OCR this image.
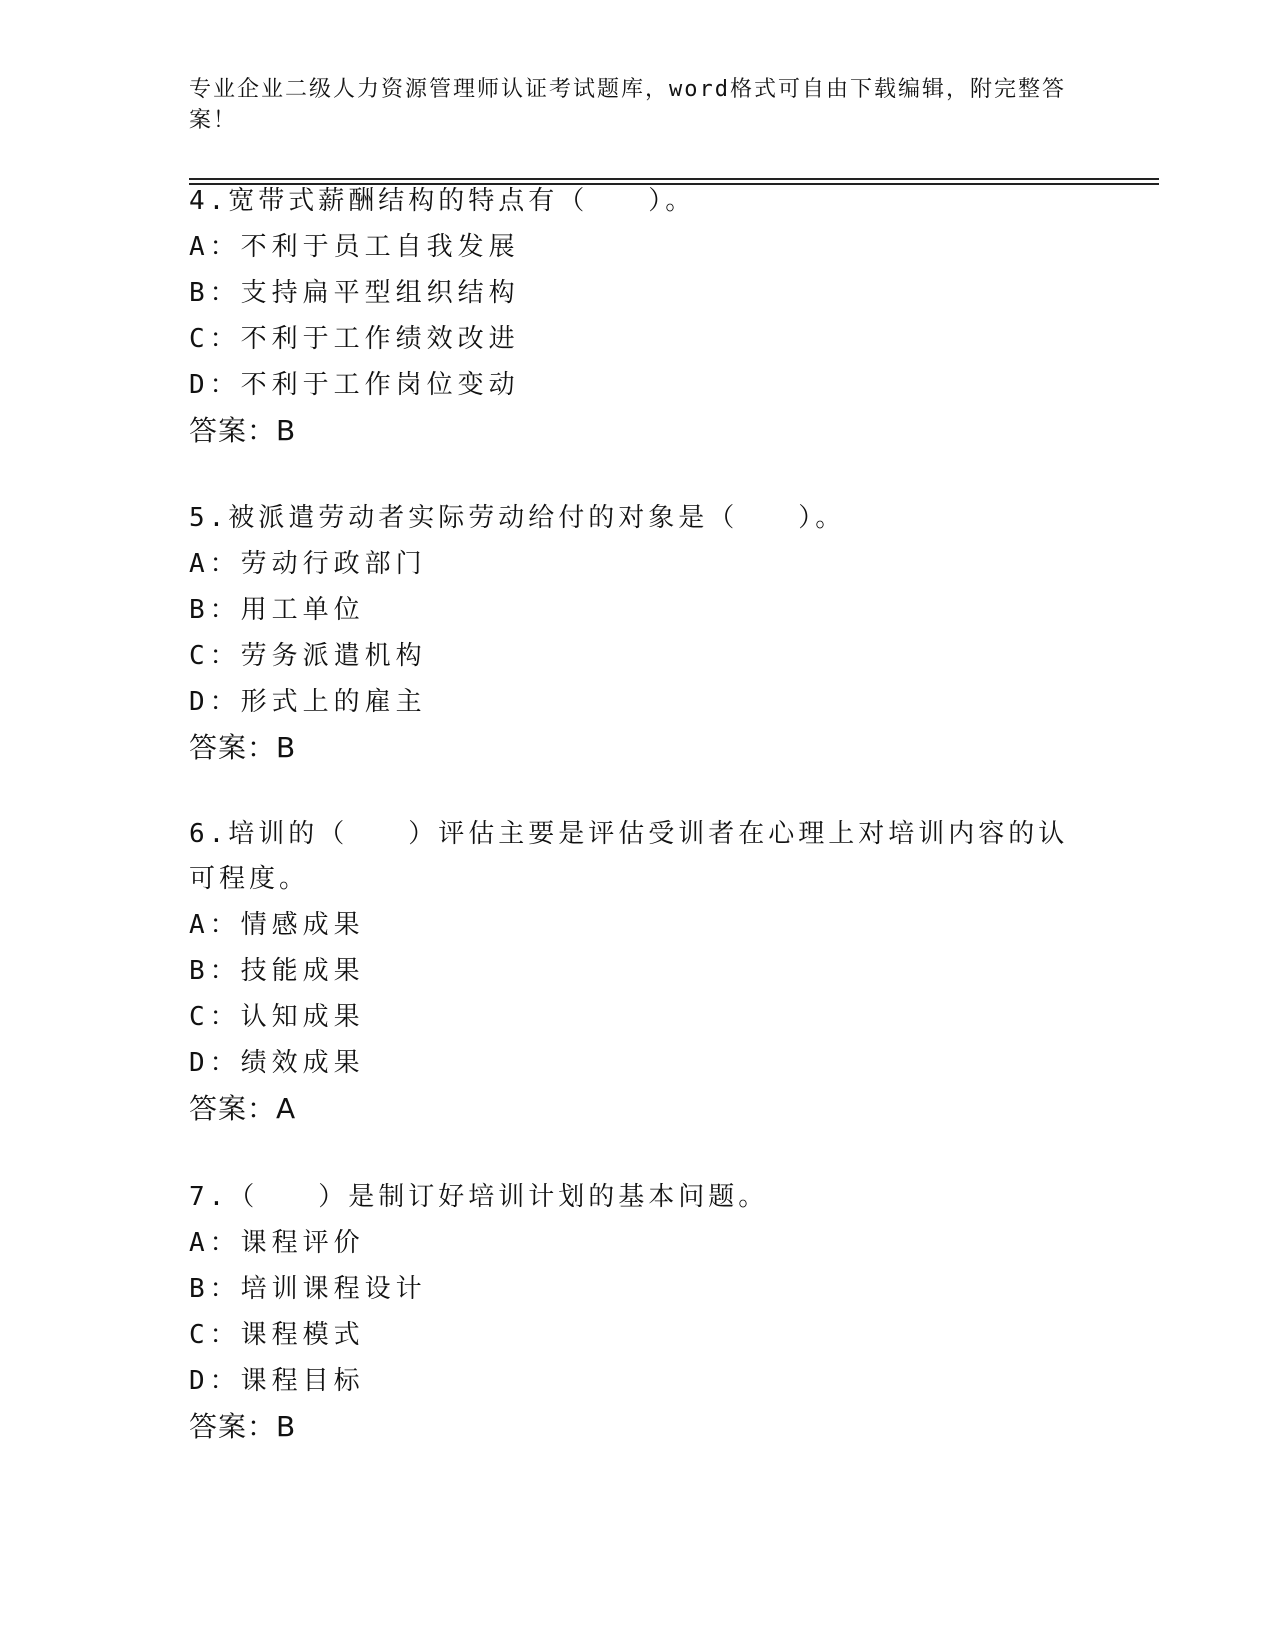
专业企业二级人力资源管理师认证考试题库，word格式可自由下载编辑，附完整答案！

4.宽带式薪酬结构的特点有（　　）。

A：不利于员工自我发展

B：支持扁平型组织结构

C：不利于工作绩效改进

D：不利于工作岗位变动

答案：B

5.被派遣劳动者实际劳动给付的对象是（　　）。

A：劳动行政部门

B：用工单位

C：劳务派遣机构

D：形式上的雇主

答案：B

6.培训的（　　）评估主要是评估受训者在心理上对培训内容的认可程度。

A：情感成果

B：技能成果

C：认知成果

D：绩效成果

答案：A

7.（　　）是制订好培训计划的基本问题。

A：课程评价

B：培训课程设计

C：课程模式

D：课程目标

答案：B
